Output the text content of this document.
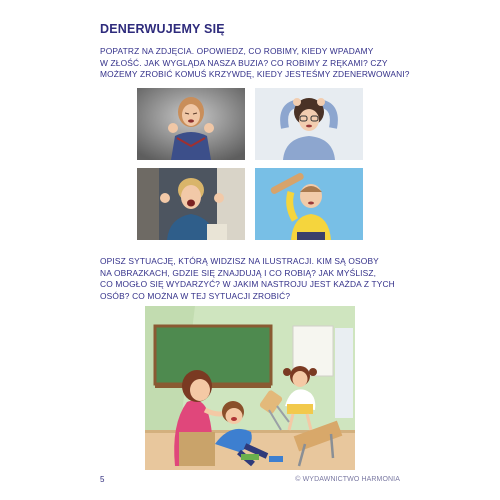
DENERWUJEMY SIĘ
POPATRZ NA ZDJĘCIA. OPOWIEDZ, CO ROBIMY, KIEDY WPADAMY
W ZŁOŚĆ. JAK WYGLĄDA NASZA BUZIA? CO ROBIMY Z RĘKAMI? CZY
MOŻEMY ZROBIĆ KOMUŚ KRZYWDĘ, KIEDY JESTEŚMY ZDENERWOWANI?
OPISZ SYTUACJĘ, KTÓRĄ WIDZISZ NA ILUSTRACJI. KIM SĄ OSOBY
NA OBRAZKACH, GDZIE SIĘ ZNAJDUJĄ I CO ROBIĄ? JAK MYŚLISZ,
CO MOGŁO SIĘ WYDARZYĆ? W JAKIM NASTROJU JEST KAŻDA Z TYCH
OSÓB? CO MOŻNA W TEJ SYTUACJI ZROBIĆ?
5	© WYDAWNICTWO HARMONIA
